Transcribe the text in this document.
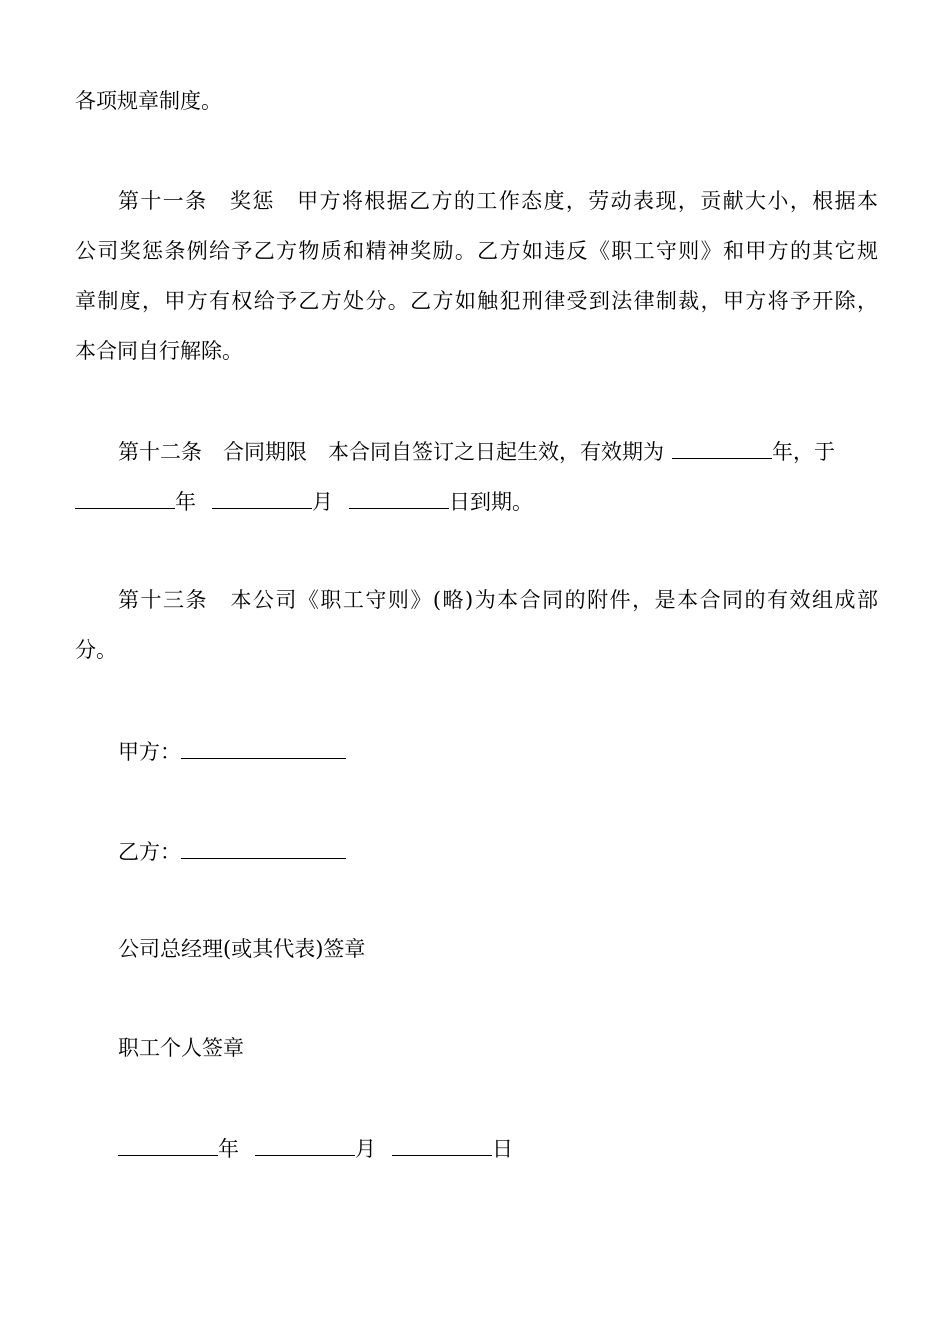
各项规章制度。
第十一条　奖惩　甲方将根据乙方的工作态度，劳动表现，贡献大小，根据本
公司奖惩条例给予乙方物质和精神奖励。乙方如违反《职工守则》和甲方的其它规
章制度，甲方有权给予乙方处分。乙方如触犯刑律受到法律制裁，甲方将予开除，
本合同自行解除。
第十二条　合同期限　本合同自签订之日起生效，有效期为	年，于
年	月	日到期。
第十三条　本公司《职工守则》(略)为本合同的附件，是本合同的有效组成部
分。
甲方：
乙方：
公司总经理(或其代表)签章
职工个人签章
年	月	日
